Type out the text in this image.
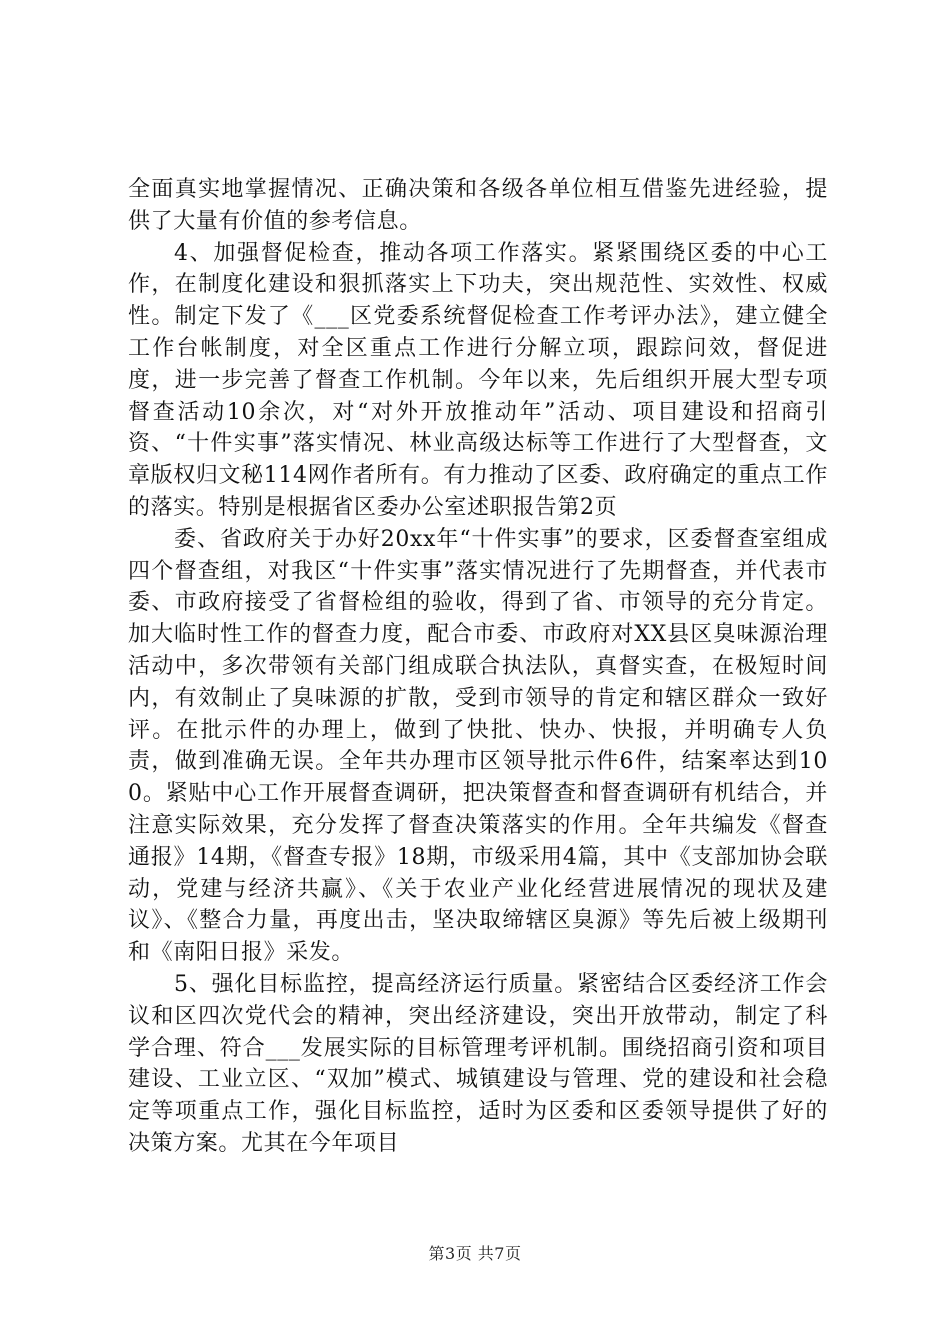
全面真实地掌握情况、正确决策和各级各单位相互借鉴先进经验，提供了大量有价值的参考信息。

4、加强督促检查，推动各项工作落实。紧紧围绕区委的中心工作，在制度化建设和狠抓落实上下功夫，突出规范性、实效性、权威性。制定下发了《___区党委系统督促检查工作考评办法》，建立健全工作台帐制度，对全区重点工作进行分解立项，跟踪问效，督促进度，进一步完善了督查工作机制。今年以来，先后组织开展大型专项督查活动10余次，对“对外开放推动年”活动、项目建设和招商引资、“十件实事”落实情况、林业高级达标等工作进行了大型督查，文章版权归文秘114网作者所有。有力推动了区委、政府确定的重点工作的落实。特别是根据省区委办公室述职报告第2页

委、省政府关于办好20xx年“十件实事”的要求，区委督查室组成四个督查组，对我区“十件实事”落实情况进行了先期督查，并代表市委、市政府接受了省督检组的验收，得到了省、市领导的充分肯定。加大临时性工作的督查力度，配合市委、市政府对XX县区臭味源治理活动中，多次带领有关部门组成联合执法队，真督实查，在极短时间内，有效制止了臭味源的扩散，受到市领导的肯定和辖区群众一致好评。在批示件的办理上，做到了快批、快办、快报，并明确专人负责，做到准确无误。全年共办理市区领导批示件6件，结案率达到100。紧贴中心工作开展督查调研，把决策督查和督查调研有机结合，并注意实际效果，充分发挥了督查决策落实的作用。全年共编发《督查通报》14期，《督查专报》18期，市级采用4篇，其中《支部加协会联动，党建与经济共赢》、《关于农业产业化经营进展情况的现状及建议》、《整合力量，再度出击，坚决取缔辖区臭源》等先后被上级期刊和《南阳日报》采发。

5、强化目标监控，提高经济运行质量。紧密结合区委经济工作会议和区四次党代会的精神，突出经济建设，突出开放带动，制定了科学合理、符合___发展实际的目标管理考评机制。围绕招商引资和项目建设、工业立区、“双加”模式、城镇建设与管理、党的建设和社会稳定等项重点工作，强化目标监控，适时为区委和区委领导提供了好的决策方案。尤其在今年项目

第3页 共7页
